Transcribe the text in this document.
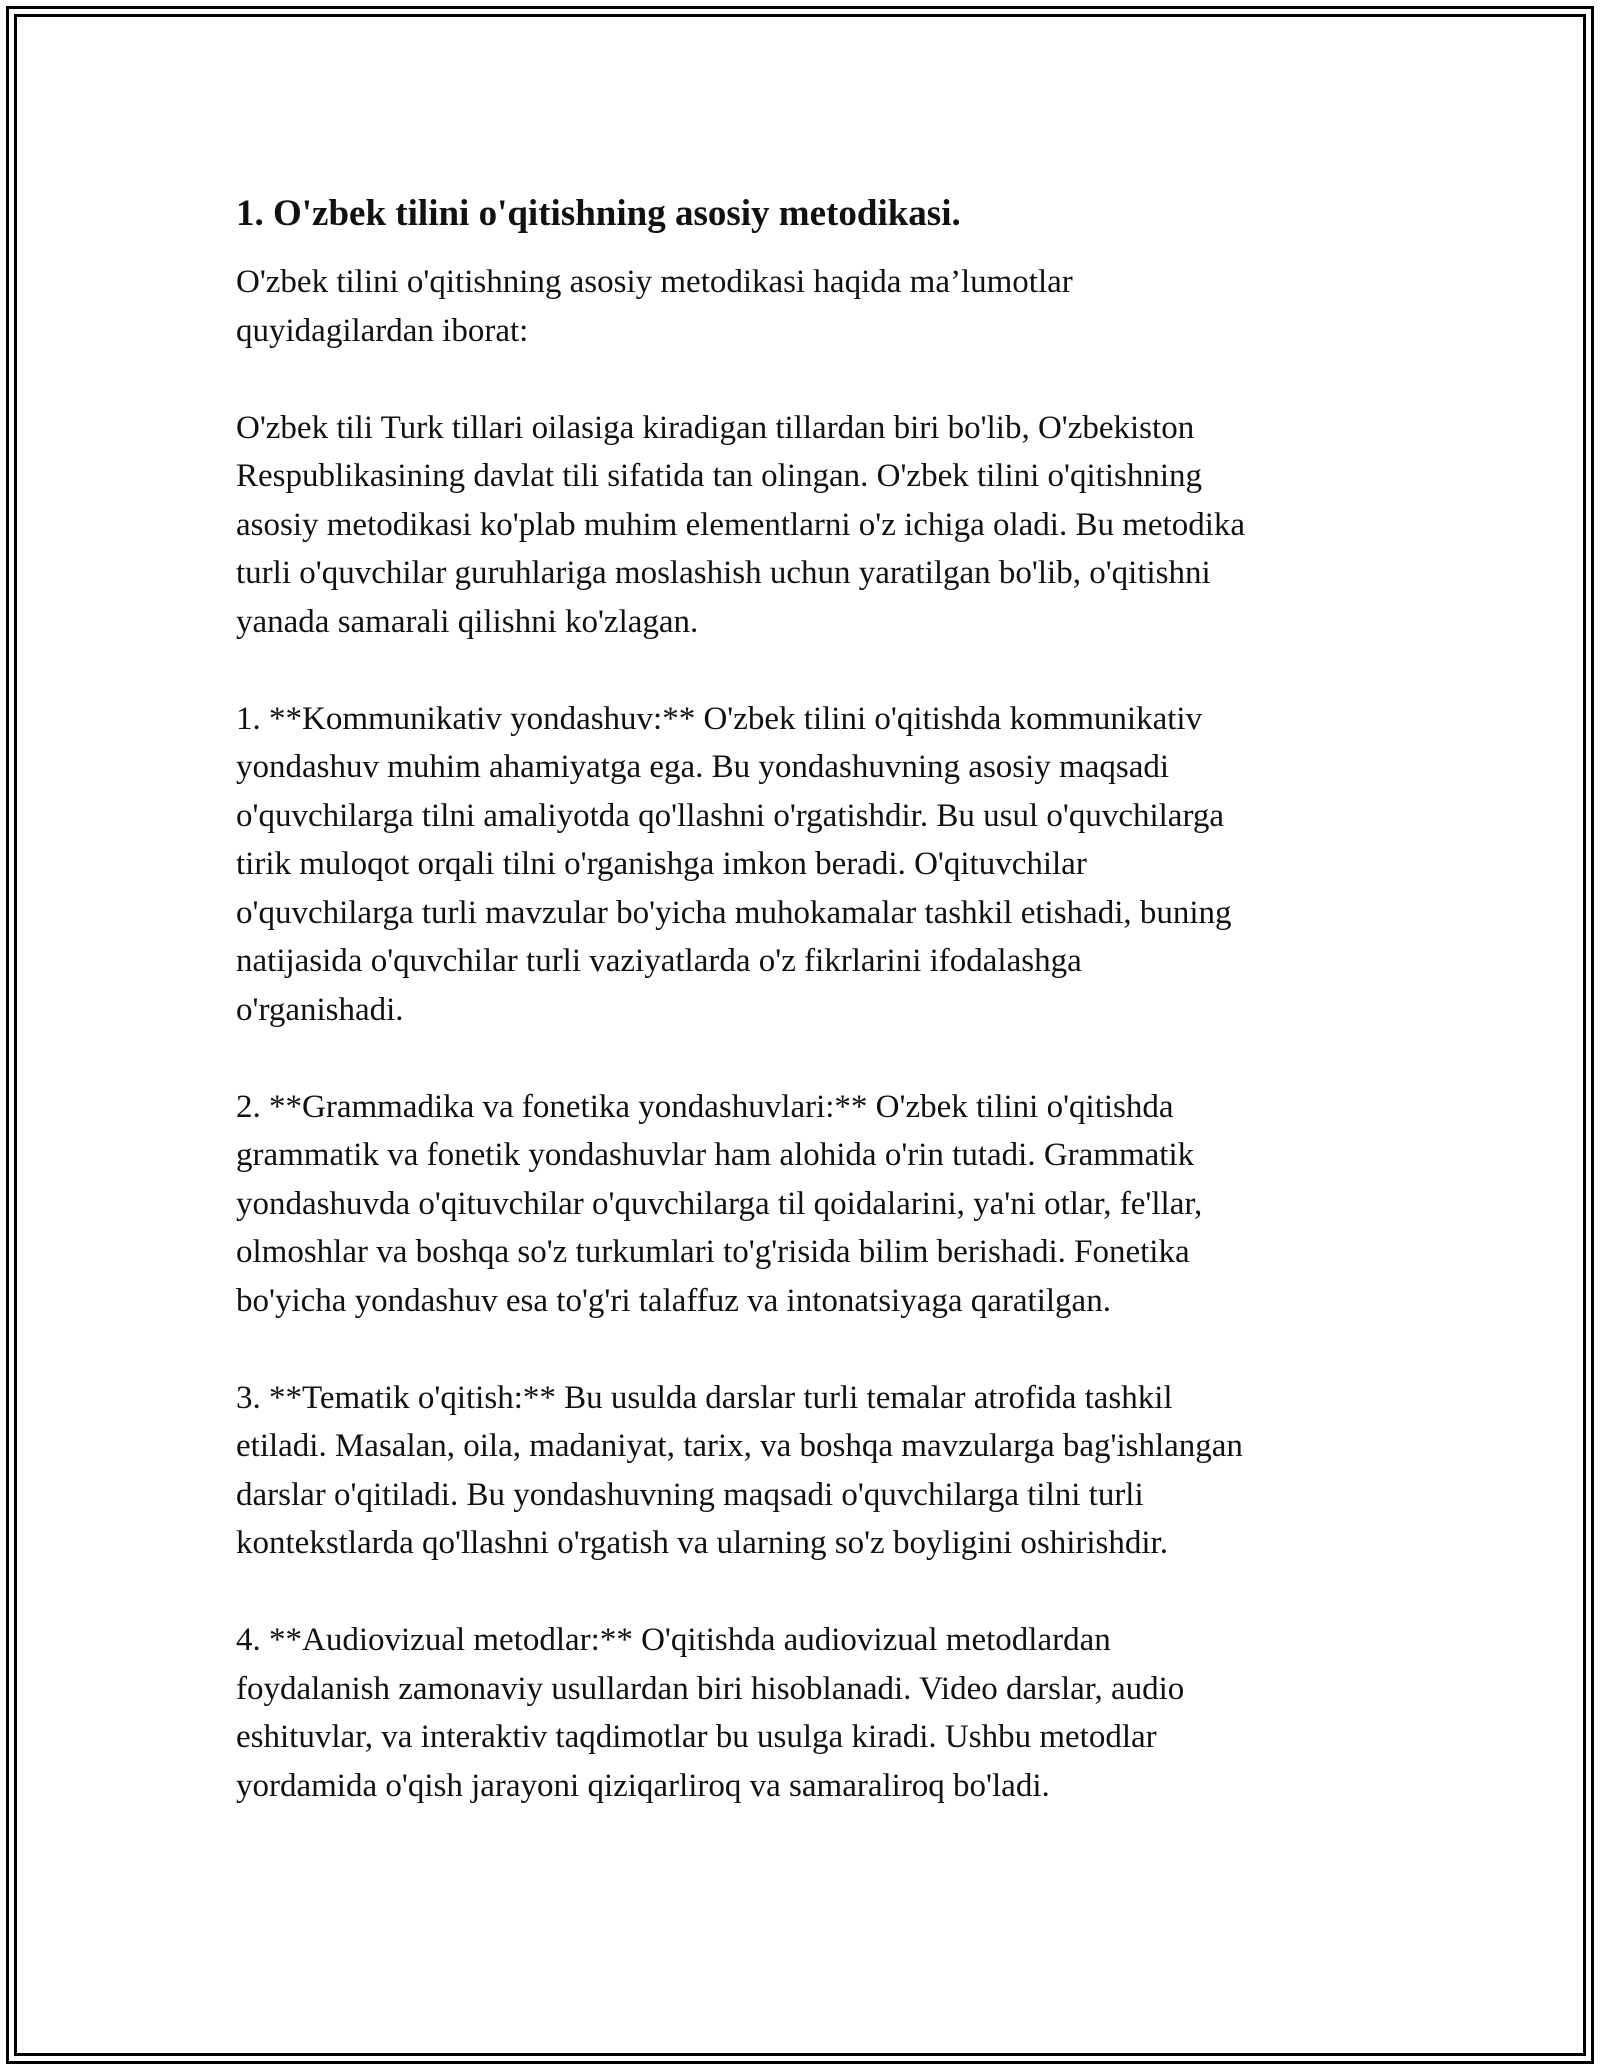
1. O'zbek tilini o'qitishning asosiy metodikasi.
O'zbek tilini o'qitishning asosiy metodikasi haqida ma’lumotlar
quyidagilardan iborat:
O'zbek tili Turk tillari oilasiga kiradigan tillardan biri bo'lib, O'zbekiston
Respublikasining davlat tili sifatida tan olingan. O'zbek tilini o'qitishning
asosiy metodikasi ko'plab muhim elementlarni o'z ichiga oladi. Bu metodika
turli o'quvchilar guruhlariga moslashish uchun yaratilgan bo'lib, o'qitishni
yanada samarali qilishni ko'zlagan.
1. **Kommunikativ yondashuv:** O'zbek tilini o'qitishda kommunikativ
yondashuv muhim ahamiyatga ega. Bu yondashuvning asosiy maqsadi
o'quvchilarga tilni amaliyotda qo'llashni o'rgatishdir. Bu usul o'quvchilarga
tirik muloqot orqali tilni o'rganishga imkon beradi. O'qituvchilar
o'quvchilarga turli mavzular bo'yicha muhokamalar tashkil etishadi, buning
natijasida o'quvchilar turli vaziyatlarda o'z fikrlarini ifodalashga
o'rganishadi.
2. **Grammadika va fonetika yondashuvlari:** O'zbek tilini o'qitishda
grammatik va fonetik yondashuvlar ham alohida o'rin tutadi. Grammatik
yondashuvda o'qituvchilar o'quvchilarga til qoidalarini, ya'ni otlar, fe'llar,
olmoshlar va boshqa so'z turkumlari to'g'risida bilim berishadi. Fonetika
bo'yicha yondashuv esa to'g'ri talaffuz va intonatsiyaga qaratilgan.
3. **Tematik o'qitish:** Bu usulda darslar turli temalar atrofida tashkil
etiladi. Masalan, oila, madaniyat, tarix, va boshqa mavzularga bag'ishlangan
darslar o'qitiladi. Bu yondashuvning maqsadi o'quvchilarga tilni turli
kontekstlarda qo'llashni o'rgatish va ularning so'z boyligini oshirishdir.
4. **Audiovizual metodlar:** O'qitishda audiovizual metodlardan
foydalanish zamonaviy usullardan biri hisoblanadi. Video darslar, audio
eshituvlar, va interaktiv taqdimotlar bu usulga kiradi. Ushbu metodlar
yordamida o'qish jarayoni qiziqarliroq va samaraliroq bo'ladi.
